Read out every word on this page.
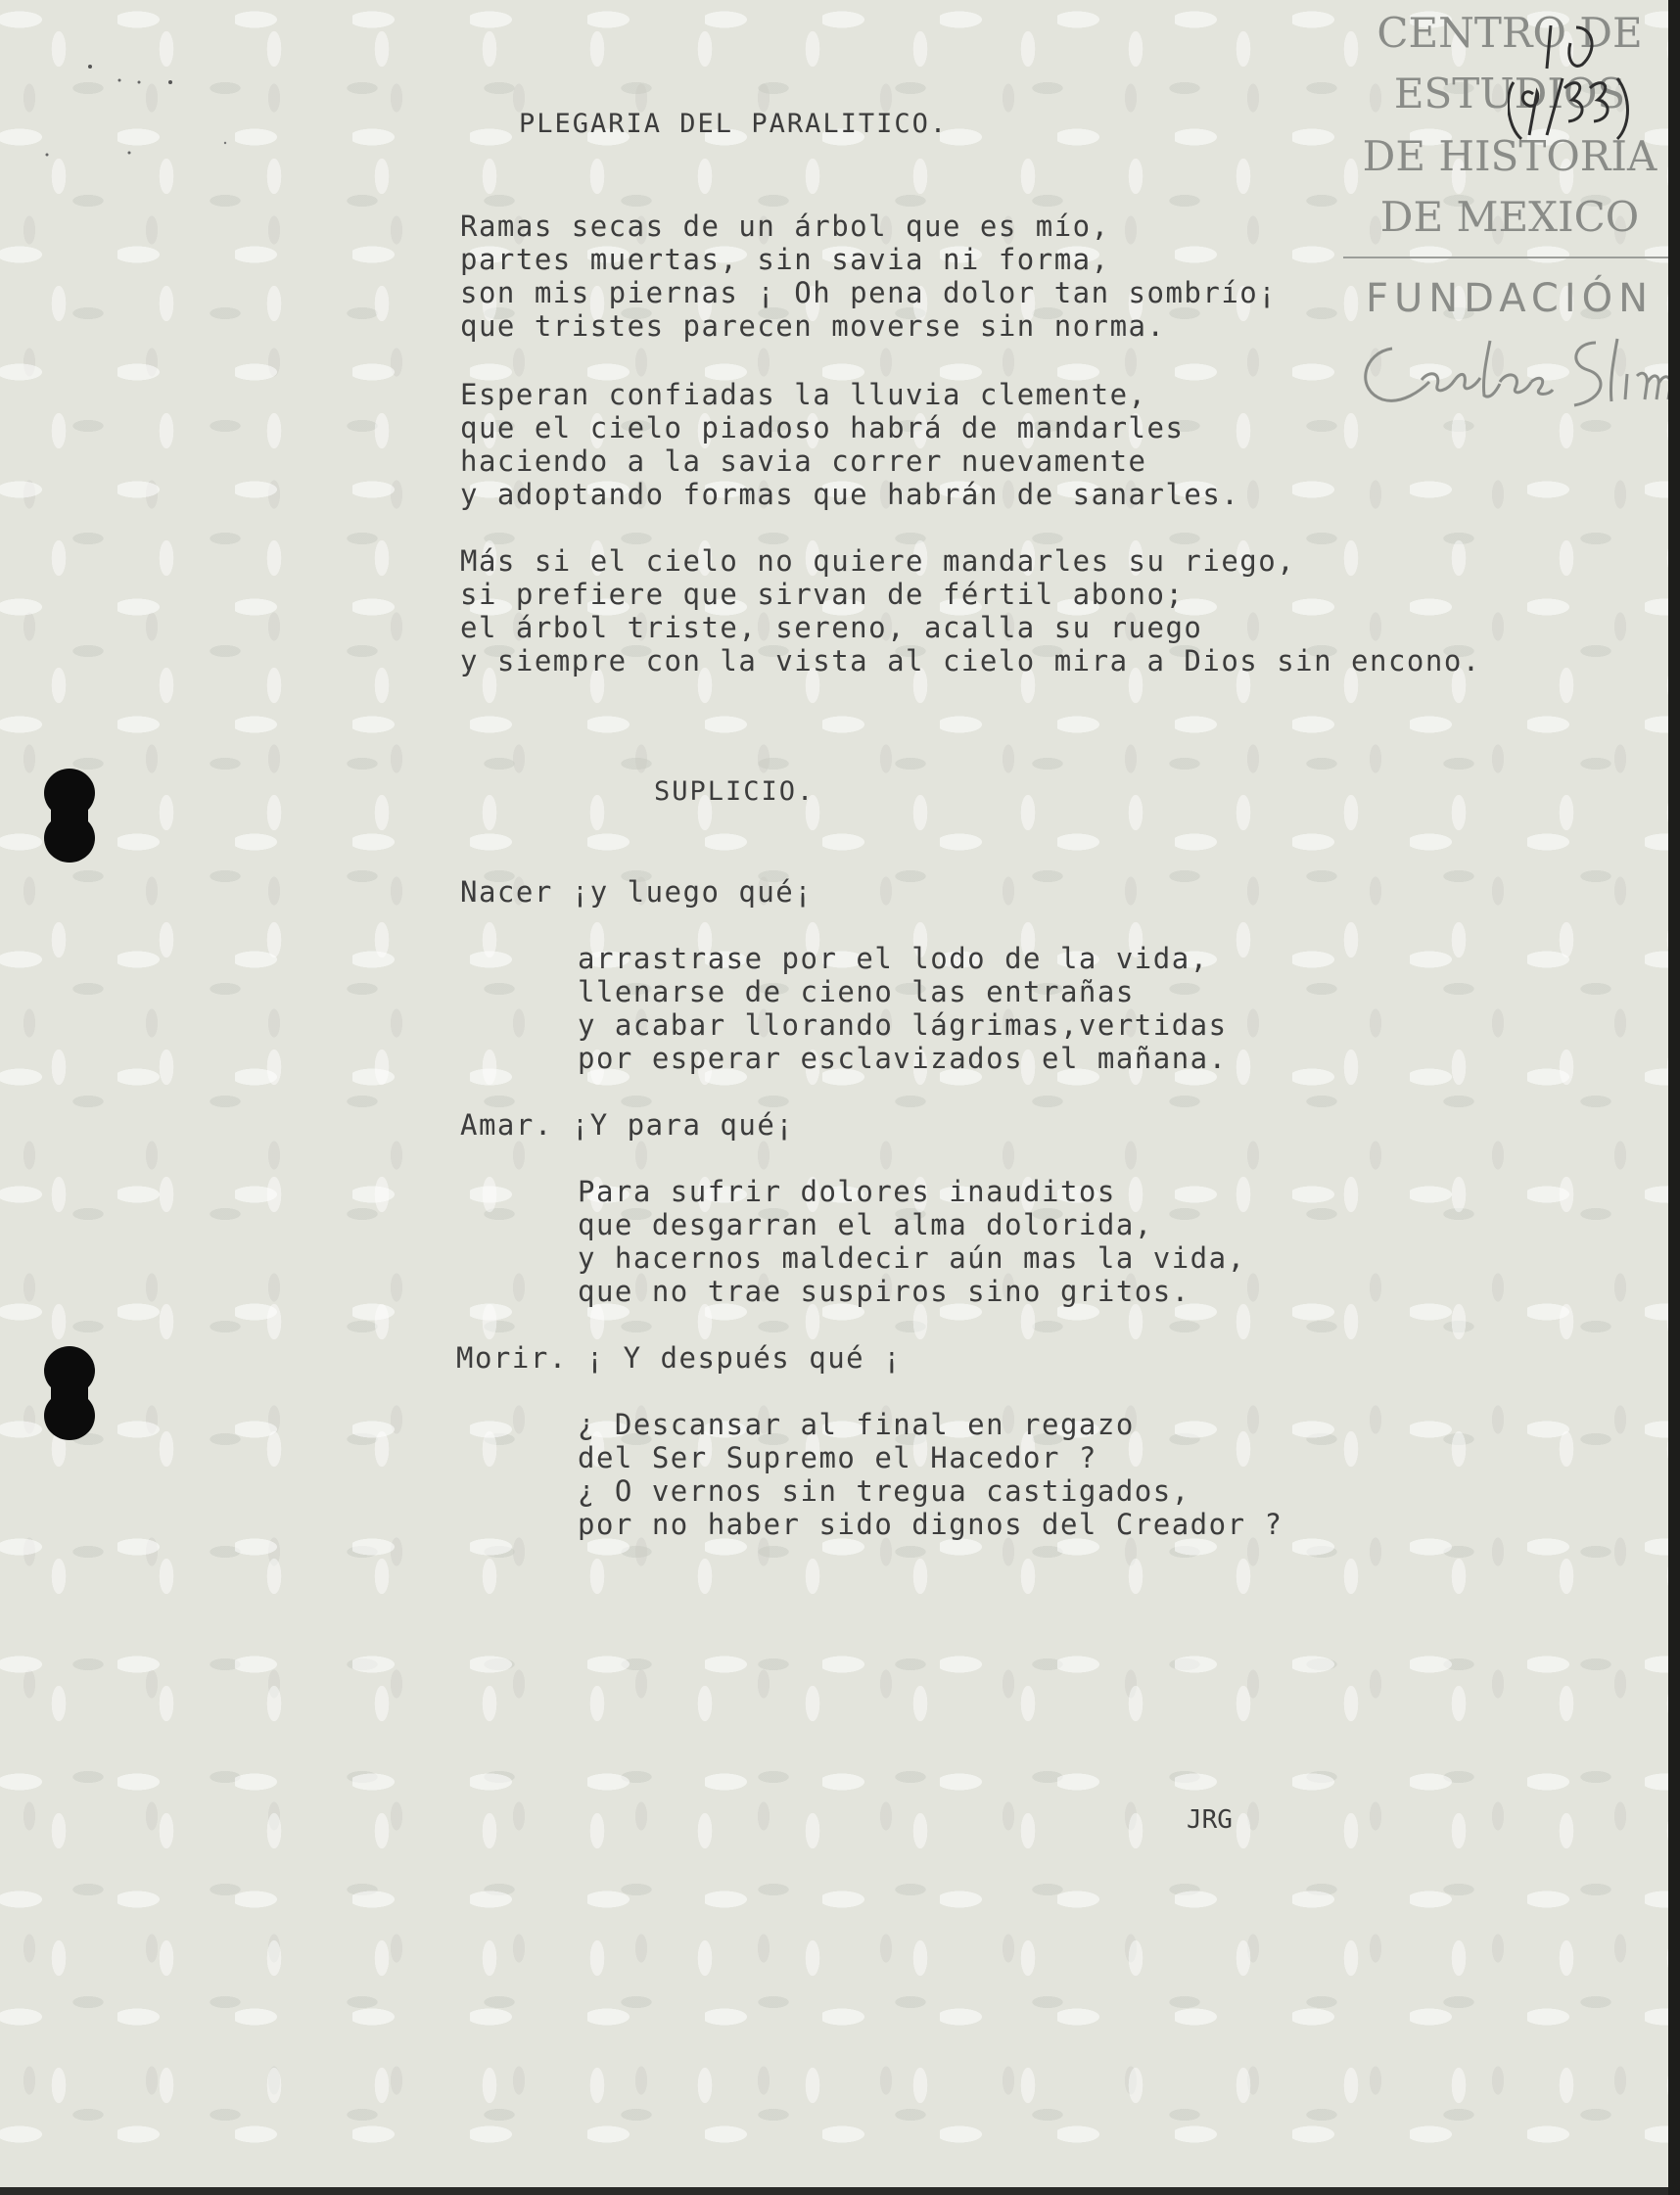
CENTRO DE
ESTUDIOS
DE HISTORIA
DE MEXICO
FUNDACIÓN

PLEGARIA DEL PARALITICO.

Ramas secas de un árbol que es mío,
partes muertas, sin savia ni forma,
son mis piernas ¡ Oh pena dolor tan sombrío¡
que tristes parecen moverse sin norma.
Esperan confiadas la lluvia clemente,
que el cielo piadoso habrá de mandarles
haciendo a la savia correr nuevamente
y adoptando formas que habrán de sanarles.
Más si el cielo no quiere mandarles su riego,
si prefiere que sirvan de fértil abono;
el árbol triste, sereno, acalla su ruego
y siempre con la vista al cielo mira a Dios sin encono.

SUPLICIO.

Nacer ¡y luego qué¡

arrastrase por el lodo de la vida,
llenarse de cieno las entrañas
y acabar llorando lágrimas,vertidas
por esperar esclavizados el mañana.

Amar. ¡Y para qué¡

Para sufrir dolores inauditos
que desgarran el alma dolorida,
y hacernos maldecir aún mas la vida,
que no trae suspiros sino gritos.

Morir. ¡ Y después qué ¡

¿ Descansar al final en regazo
del Ser Supremo el Hacedor ?
¿ O vernos sin tregua castigados,
por no haber sido dignos del Creador ?

JRG
